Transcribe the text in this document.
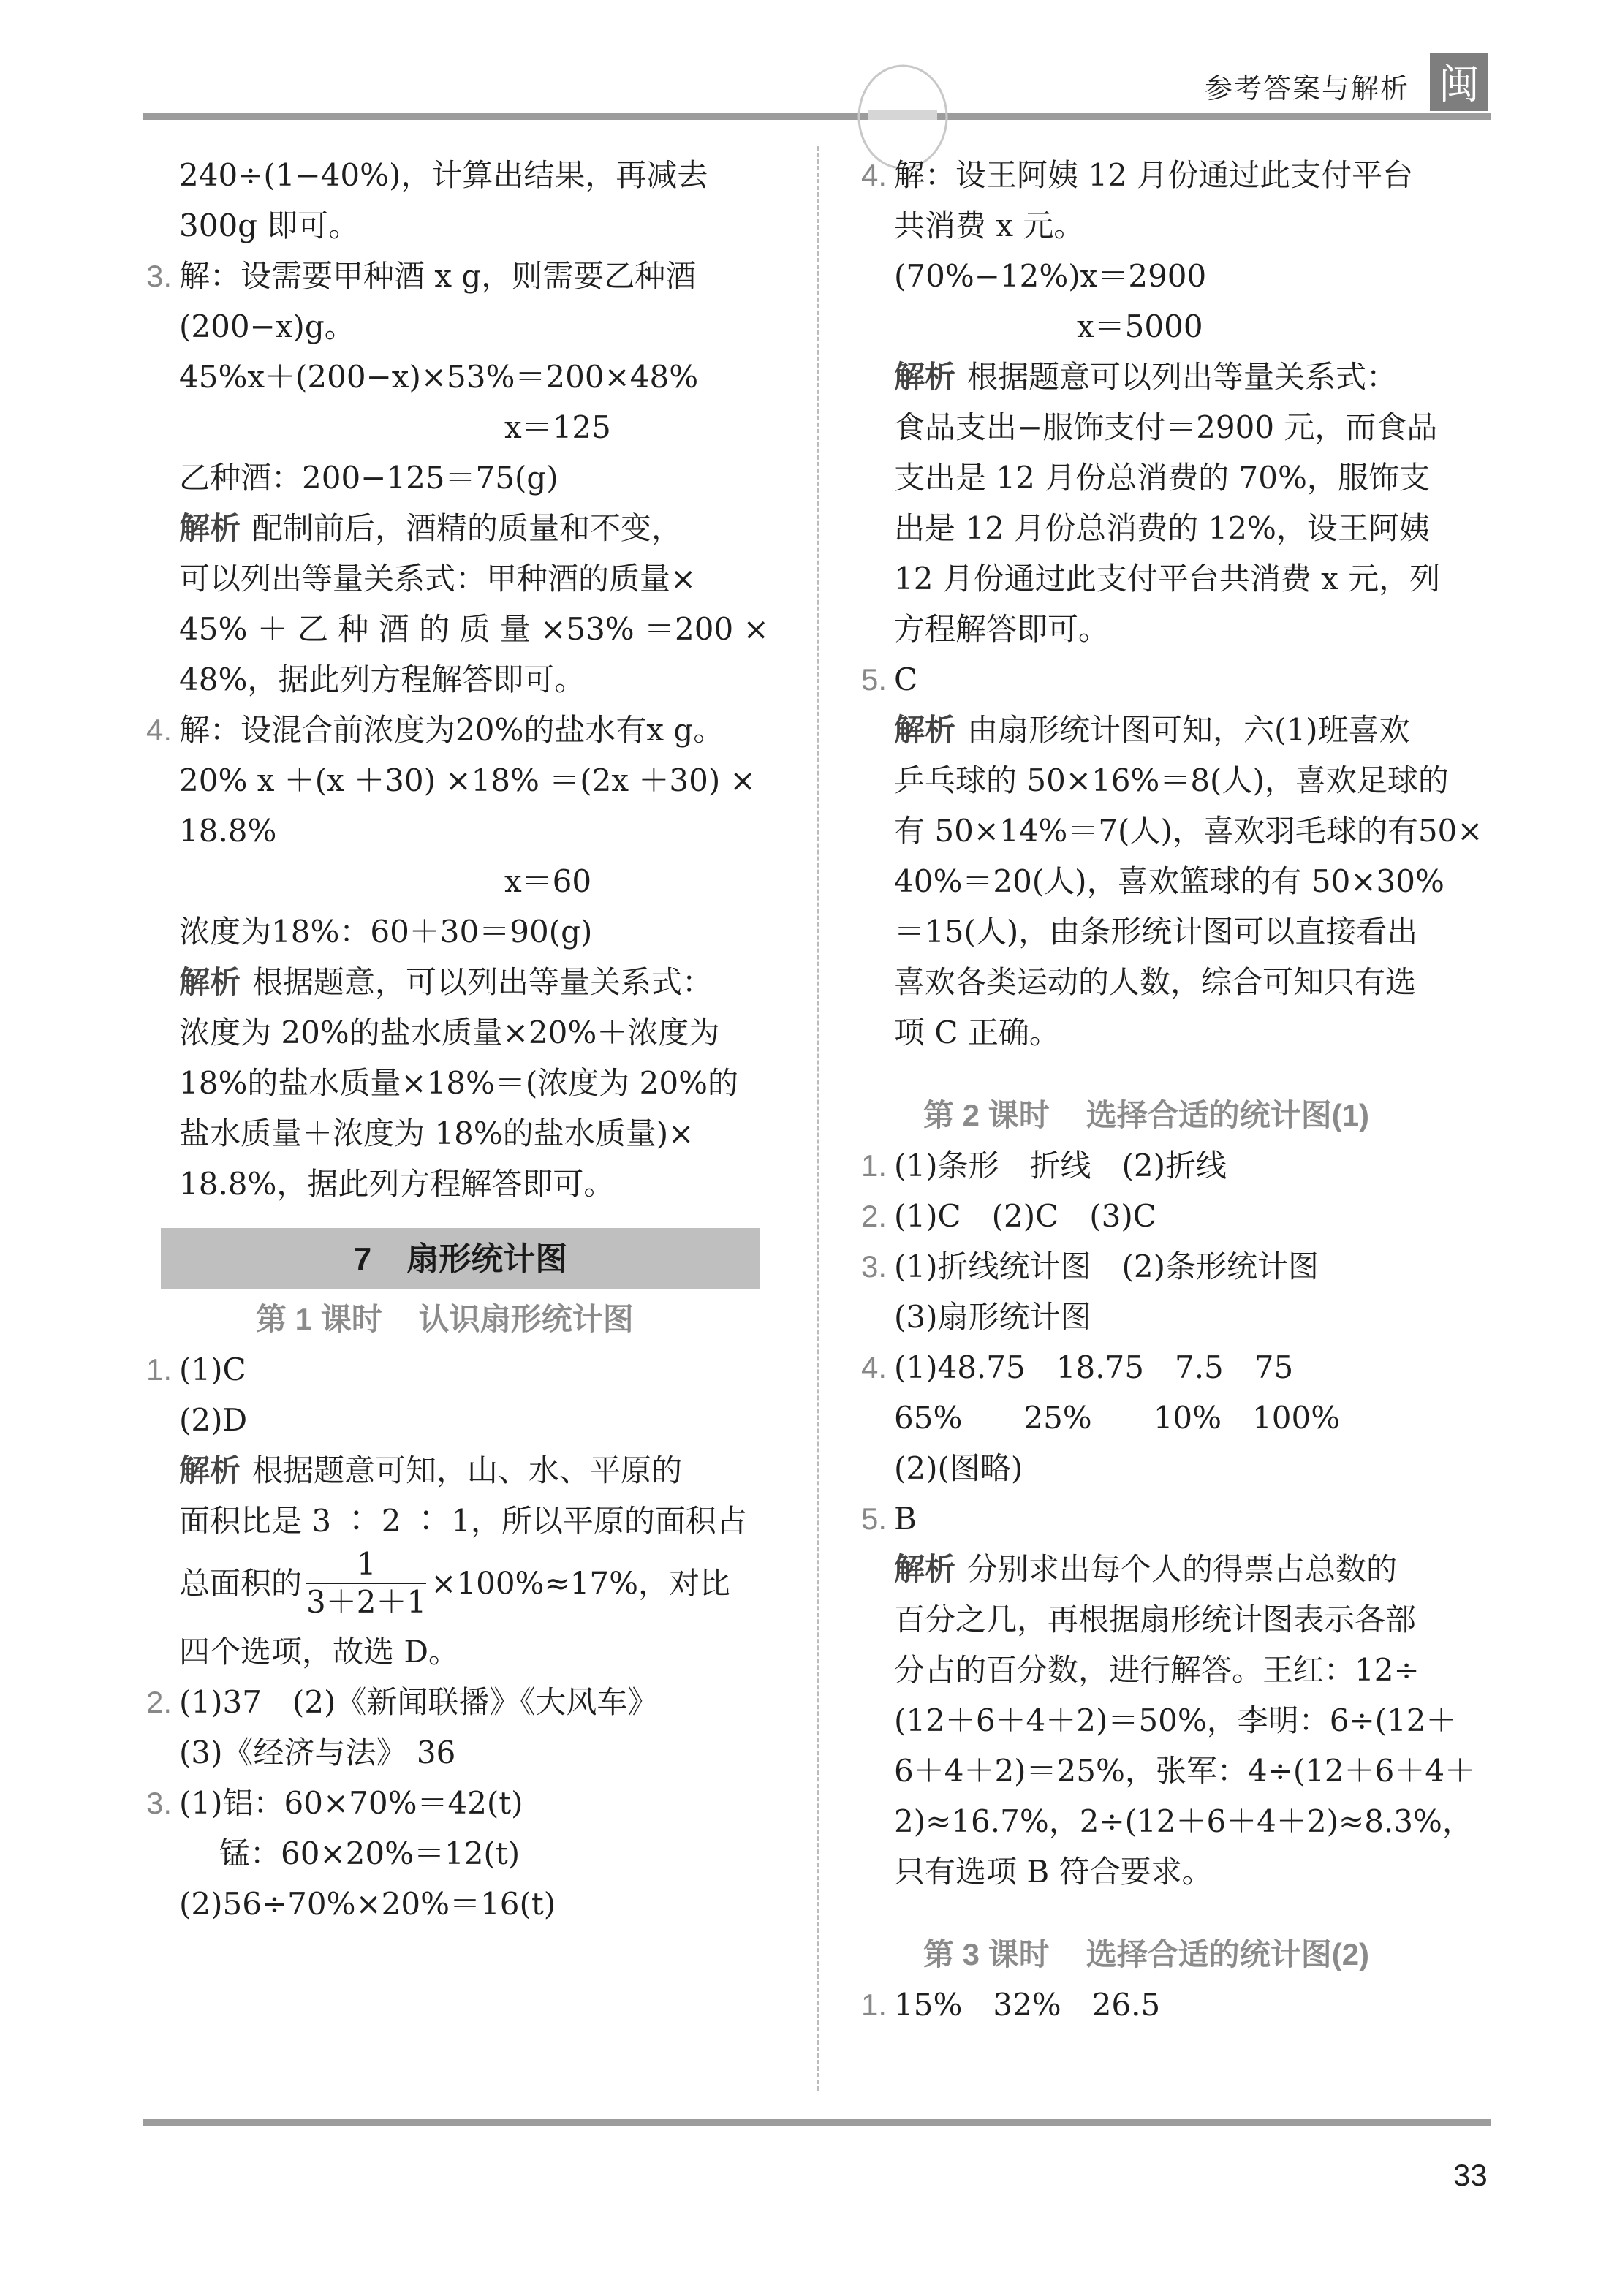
参考答案与解析 闽
240÷(1−40%)，计算出结果，再减去
300g 即可。
3. 解：设需要甲种酒 x g，则需要乙种酒
(200−x)g。
45%x＋(200−x)×53%＝200×48%
x＝125
乙种酒：200−125＝75(g)
解析 配制前后，酒精的质量和不变，
可以列出等量关系式：甲种酒的质量×
45% ＋ 乙 种 酒 的 质 量 ×53% ＝200 ×
48%，据此列方程解答即可。
4. 解：设混合前浓度为20%的盐水有x g。
20% x ＋(x ＋30) ×18% ＝(2x ＋30) ×
18.8%
x＝60
浓度为18%：60＋30＝90(g)
解析 根据题意，可以列出等量关系式：
浓度为 20%的盐水质量×20%＋浓度为
18%的盐水质量×18%＝(浓度为 20%的
盐水质量＋浓度为 18%的盐水质量)×
18.8%，据此列方程解答即可。
7 扇形统计图
第 1 课时 认识扇形统计图
1. (1)C
(2)D
解析 根据题意可知，山、水、平原的
面积比是 3 ∶ 2 ∶ 1，所以平原的面积占
总面积的 $\frac{1}{3+2+1} \times 100\%\approx 17\%$，对比
四个选项，故选 D。
2. (1)37　(2)《新闻联播》《大风车》
(3)《经济与法》 36
3. (1)铝：60×70%＝42(t)
锰：60×20%＝12(t)
(2)56÷70%×20%＝16(t)
4. 解：设王阿姨 12 月份通过此支付平台
共消费 x 元。
(70%−12%)x＝2900
x＝5000
解析 根据题意可以列出等量关系式：
食品支出−服饰支付＝2900 元，而食品
支出是 12 月份总消费的 70%，服饰支
出是 12 月份总消费的 12%，设王阿姨
12 月份通过此支付平台共消费 x 元，列
方程解答即可。
5. C
解析 由扇形统计图可知，六(1)班喜欢
乒乓球的 50×16%＝8(人)，喜欢足球的
有 50×14%＝7(人)，喜欢羽毛球的有50×
40%＝20(人)，喜欢篮球的有 50×30%
＝15(人)，由条形统计图可以直接看出
喜欢各类运动的人数，综合可知只有选
项 C 正确。
第 2 课时 选择合适的统计图(1)
1. (1)条形　折线　(2)折线
2. (1)C　(2)C　(3)C
3. (1)折线统计图　(2)条形统计图
(3)扇形统计图
4. (1)48.75　18.75　7.5　75
65%　　25%　　10%　100%
(2)(图略)
5. B
解析 分别求出每个人的得票占总数的
百分之几，再根据扇形统计图表示各部
分占的百分数，进行解答。王红：12÷
(12＋6＋4＋2)＝50%，李明：6÷(12＋
6＋4＋2)＝25%，张军：4÷(12＋6＋4＋
2)≈16.7%，2÷(12＋6＋4＋2)≈8.3%，
只有选项 B 符合要求。
第 3 课时 选择合适的统计图(2)
1. 15%　32%　26.5
33
